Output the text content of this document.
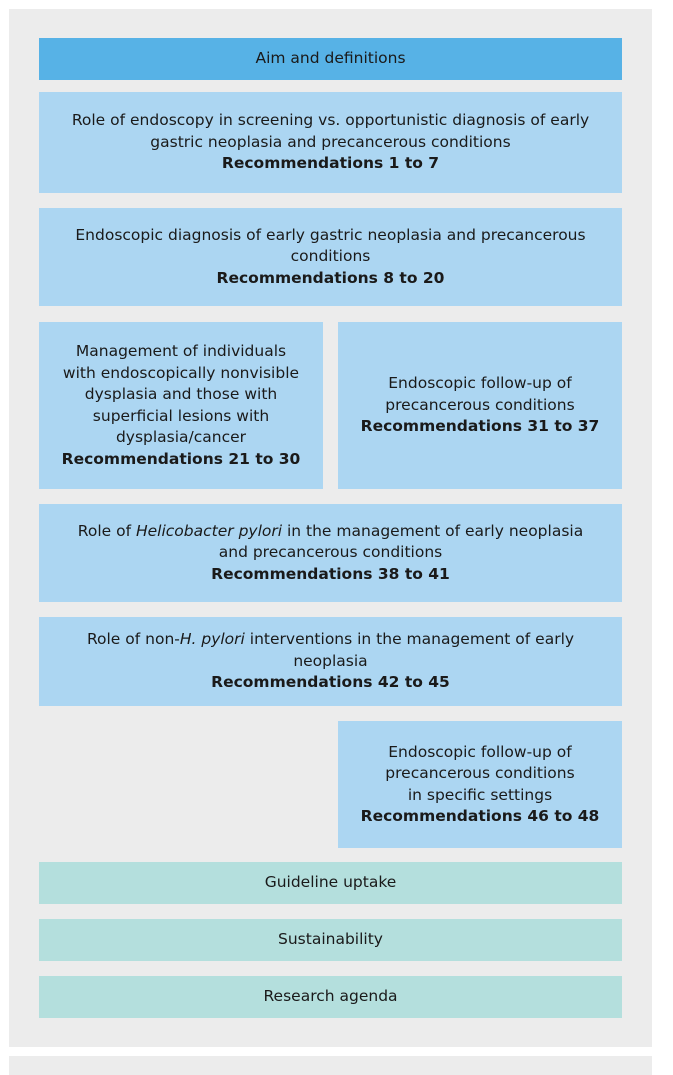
Aim and definitions
Role of endoscopy in screening vs. opportunistic diagnosis of early
gastric neoplasia and precancerous conditions
Recommendations 1 to 7
Endoscopic diagnosis of early gastric neoplasia and precancerous
conditions
Recommendations 8 to 20
Management of individuals
with endoscopically nonvisible
dysplasia and those with
superficial lesions with
dysplasia/cancer
Recommendations 21 to 30
Endoscopic follow-up of
precancerous conditions
Recommendations 31 to 37
Role of Helicobacter pylori in the management of early neoplasia
and precancerous conditions
Recommendations 38 to 41
Role of non-H. pylori interventions in the management of early
neoplasia
Recommendations 42 to 45
Endoscopic follow-up of
precancerous conditions
in specific settings
Recommendations 46 to 48
Guideline uptake
Sustainability
Research agenda
